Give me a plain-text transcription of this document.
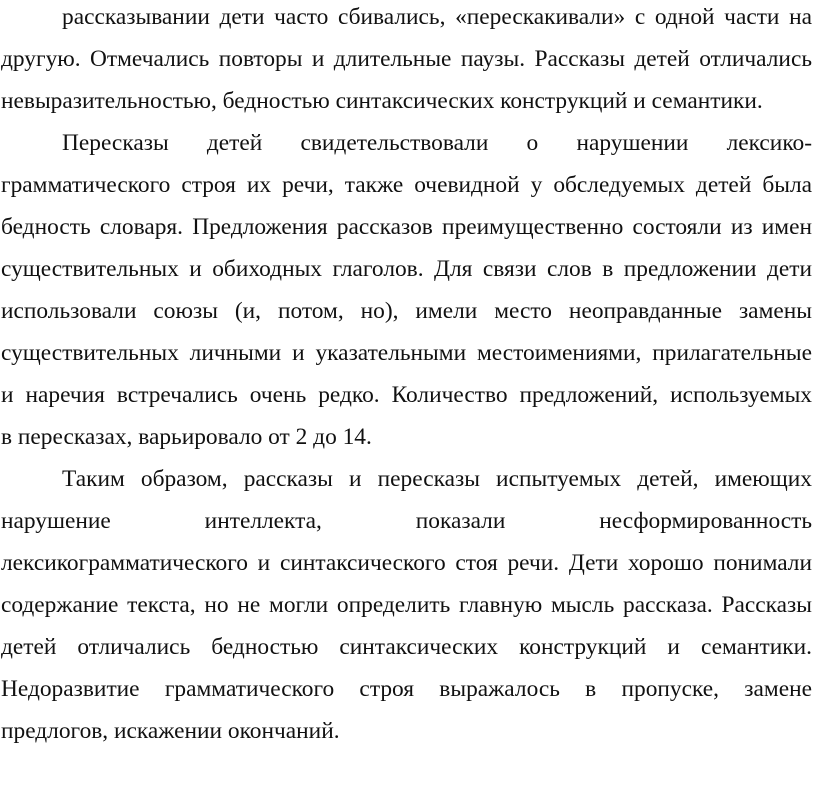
рассказывании дети часто сбивались, «перескакивали» с одной части на
другую. Отмечались повторы и длительные паузы. Рассказы детей отличались
невыразительностью, бедностью синтаксических конструкций и семантики.
Пересказы детей свидетельствовали о нарушении лексико-
грамматического строя их речи, также очевидной у обследуемых детей была
бедность словаря. Предложения рассказов преимущественно состояли из имен
существительных и обиходных глаголов. Для связи слов в предложении дети
использовали союзы (и, потом, но), имели место неоправданные замены
существительных личными и указательными местоимениями, прилагательные
и наречия встречались очень редко. Количество предложений, используемых
в пересказах, варьировало от 2 до 14.
Таким образом, рассказы и пересказы испытуемых детей, имеющих
нарушение интеллекта, показали несформированность
лексикограмматического и синтаксического стоя речи. Дети хорошо понимали
содержание текста, но не могли определить главную мысль рассказа. Рассказы
детей отличались бедностью синтаксических конструкций и семантики.
Недоразвитие грамматического строя выражалось в пропуске, замене
предлогов, искажении окончаний.
